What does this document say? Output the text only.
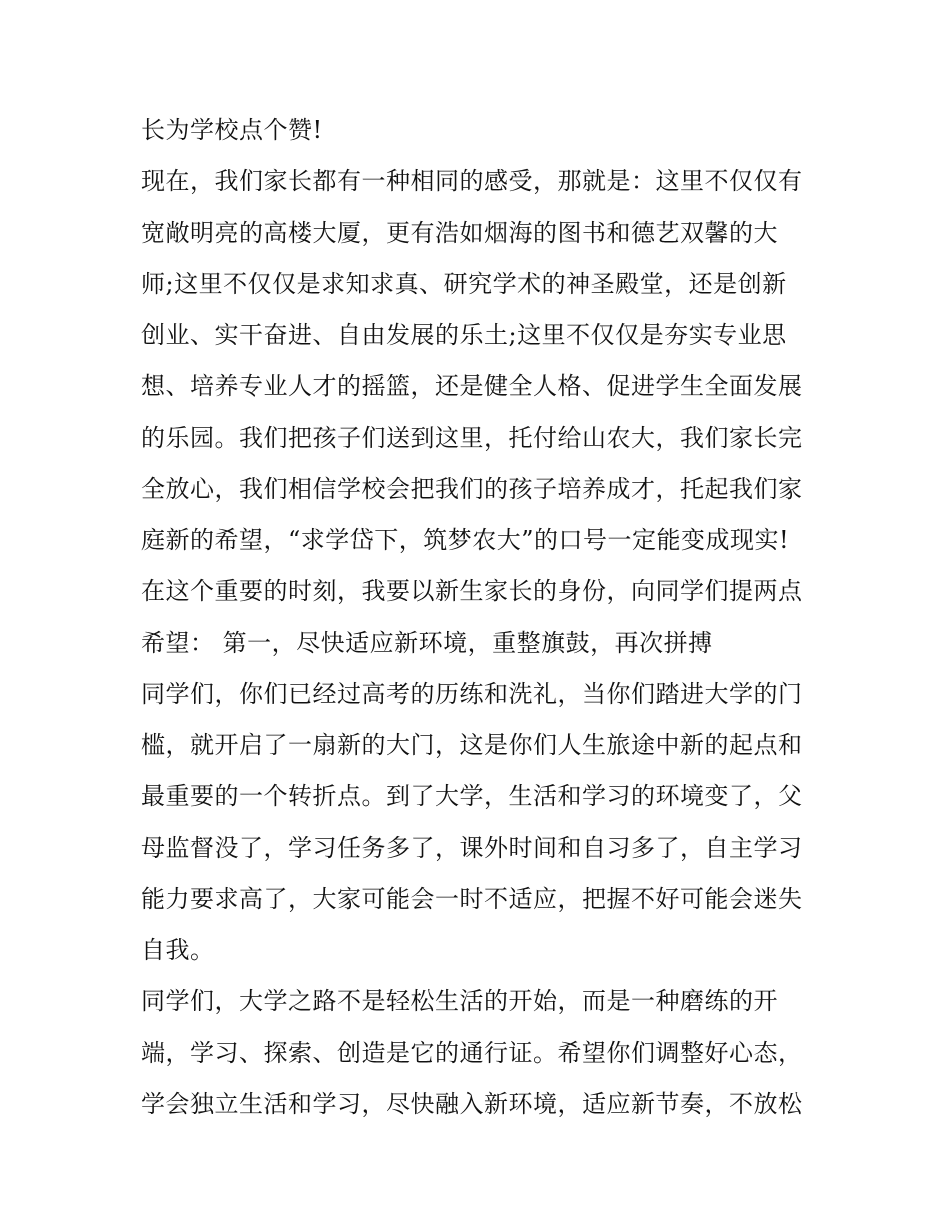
长为学校点个赞!
现在，我们家长都有一种相同的感受，那就是：这里不仅仅有
宽敞明亮的高楼大厦，更有浩如烟海的图书和德艺双馨的大
师;这里不仅仅是求知求真、研究学术的神圣殿堂，还是创新
创业、实干奋进、自由发展的乐土;这里不仅仅是夯实专业思
想、培养专业人才的摇篮，还是健全人格、促进学生全面发展
的乐园。我们把孩子们送到这里，托付给山农大，我们家长完
全放心，我们相信学校会把我们的孩子培养成才，托起我们家
庭新的希望，“求学岱下，筑梦农大”的口号一定能变成现实!
在这个重要的时刻，我要以新生家长的身份，向同学们提两点
希望： 第一，尽快适应新环境，重整旗鼓，再次拼搏
同学们，你们已经过高考的历练和洗礼，当你们踏进大学的门
槛，就开启了一扇新的大门，这是你们人生旅途中新的起点和
最重要的一个转折点。到了大学，生活和学习的环境变了，父
母监督没了，学习任务多了，课外时间和自习多了，自主学习
能力要求高了，大家可能会一时不适应，把握不好可能会迷失
自我。
同学们，大学之路不是轻松生活的开始，而是一种磨练的开
端，学习、探索、创造是它的通行证。希望你们调整好心态，
学会独立生活和学习，尽快融入新环境，适应新节奏，不放松
